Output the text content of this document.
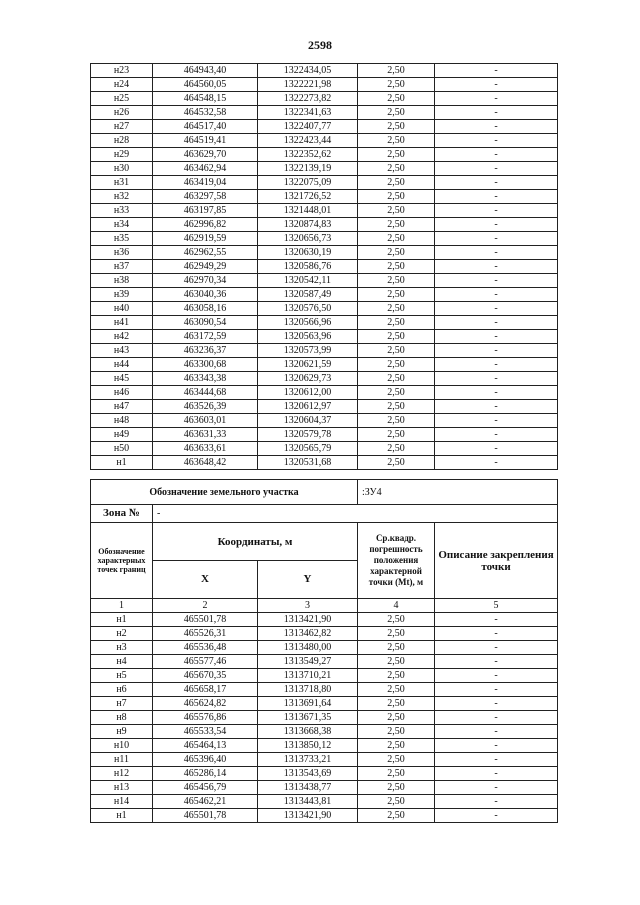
2598
н23	464943,40	1322434,05	2,50	-
н24	464560,05	1322221,98	2,50	-
н25	464548,15	1322273,82	2,50	-
н26	464532,58	1322341,63	2,50	-
н27	464517,40	1322407,77	2,50	-
н28	464519,41	1322423,44	2,50	-
н29	463629,70	1322352,62	2,50	-
н30	463462,94	1322139,19	2,50	-
н31	463419,04	1322075,09	2,50	-
н32	463297,58	1321726,52	2,50	-
н33	463197,85	1321448,01	2,50	-
н34	462996,82	1320874,83	2,50	-
н35	462919,59	1320656,73	2,50	-
н36	462962,55	1320630,19	2,50	-
н37	462949,29	1320586,76	2,50	-
н38	462970,34	1320542,11	2,50	-
н39	463040,36	1320587,49	2,50	-
н40	463058,16	1320576,50	2,50	-
н41	463090,54	1320566,96	2,50	-
н42	463172,59	1320563,96	2,50	-
н43	463236,37	1320573,99	2,50	-
н44	463300,68	1320621,59	2,50	-
н45	463343,38	1320629,73	2,50	-
н46	463444,68	1320612,00	2,50	-
н47	463526,39	1320612,97	2,50	-
н48	463603,01	1320604,37	2,50	-
н49	463631,33	1320579,78	2,50	-
н50	463633,61	1320565,79	2,50	-
н1	463648,42	1320531,68	2,50	-
Обозначение земельного участка	:ЗУ4
Зона №	-
Обозначение характерных точек границ	Координаты, м		Ср.квадр. погрешность положения характерной точки (Мt), м	Описание закрепления точки
	X	Y		
1	2	3	4	5
н1	465501,78	1313421,90	2,50	-
н2	465526,31	1313462,82	2,50	-
н3	465536,48	1313480,00	2,50	-
н4	465577,46	1313549,27	2,50	-
н5	465670,35	1313710,21	2,50	-
н6	465658,17	1313718,80	2,50	-
н7	465624,82	1313691,64	2,50	-
н8	465576,86	1313671,35	2,50	-
н9	465533,54	1313668,38	2,50	-
н10	465464,13	1313850,12	2,50	-
н11	465396,40	1313733,21	2,50	-
н12	465286,14	1313543,69	2,50	-
н13	465456,79	1313438,77	2,50	-
н14	465462,21	1313443,81	2,50	-
н1	465501,78	1313421,90	2,50	-
